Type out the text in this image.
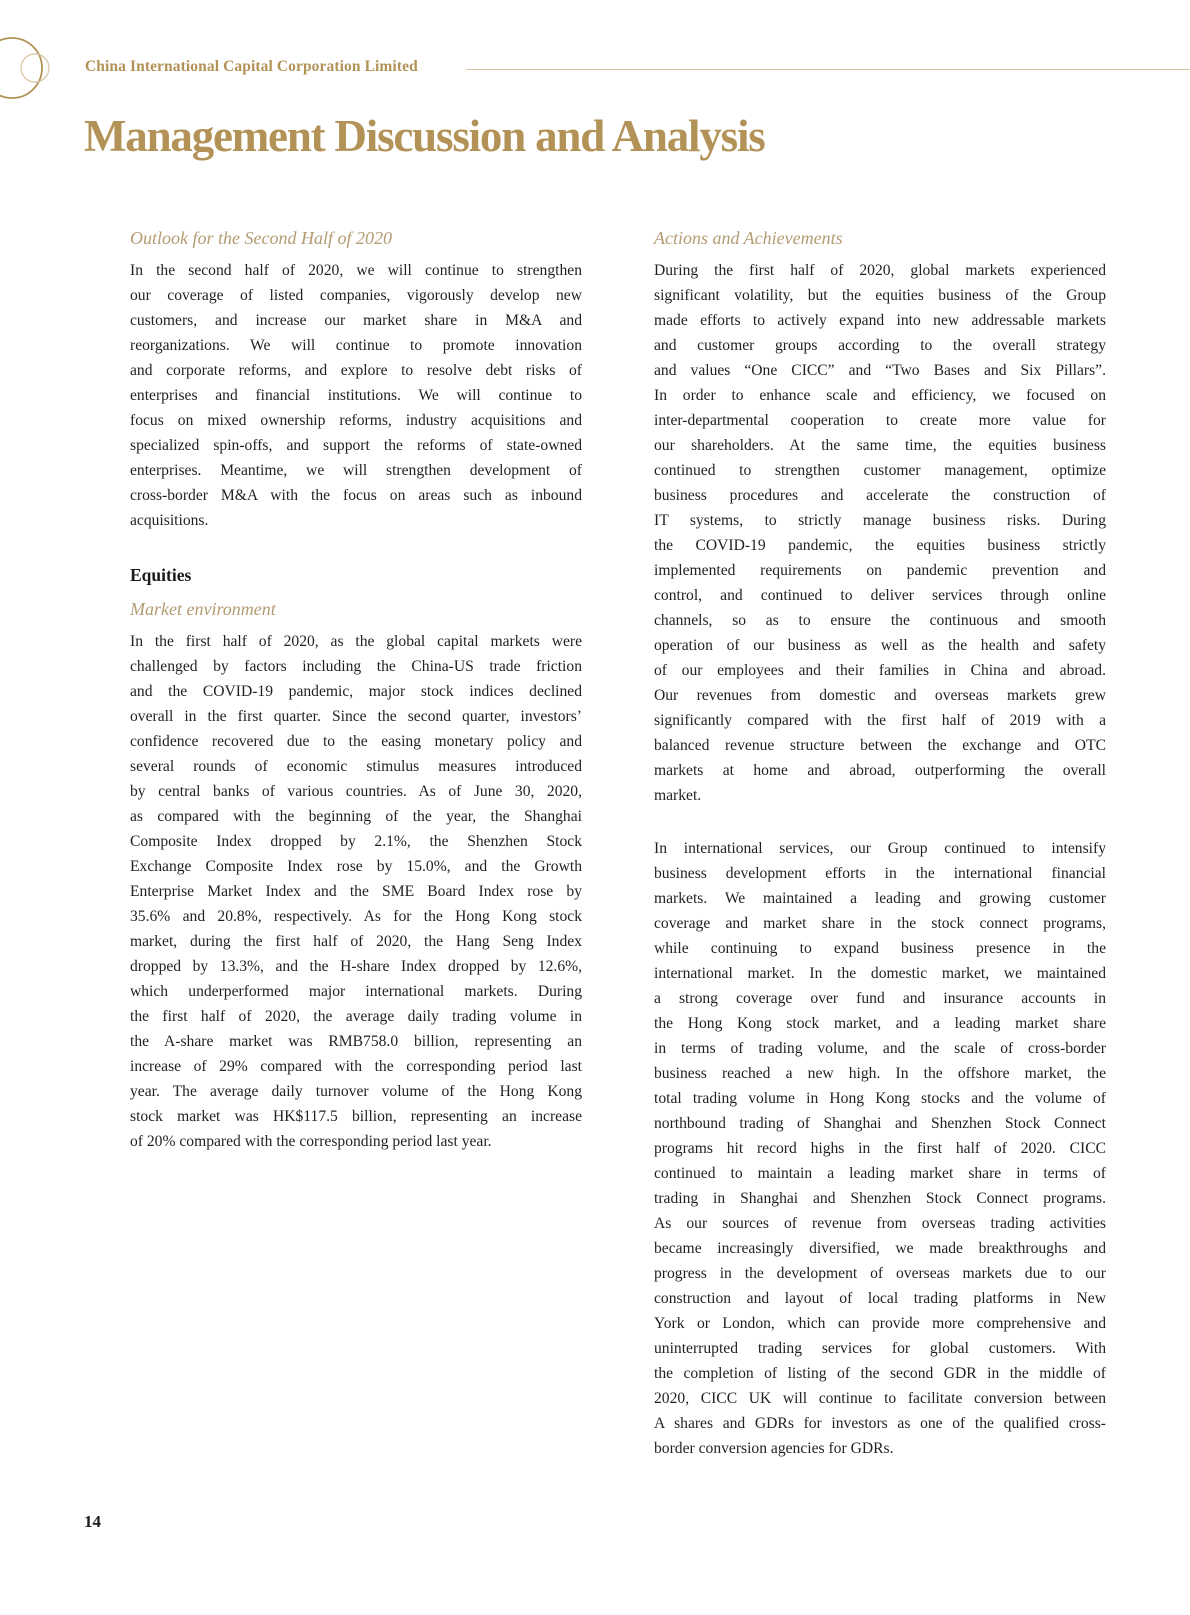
China International Capital Corporation Limited
Management Discussion and Analysis
Outlook for the Second Half of 2020
In the second half of 2020, we will continue to strengthen
our coverage of listed companies, vigorously develop new
customers, and increase our market share in M&A and
reorganizations. We will continue to promote innovation
and corporate reforms, and explore to resolve debt risks of
enterprises and financial institutions. We will continue to
focus on mixed ownership reforms, industry acquisitions and
specialized spin-offs, and support the reforms of state-owned
enterprises. Meantime, we will strengthen development of
cross-border M&A with the focus on areas such as inbound
acquisitions.
Equities
Market environment
In the first half of 2020, as the global capital markets were
challenged by factors including the China-US trade friction
and the COVID-19 pandemic, major stock indices declined
overall in the first quarter. Since the second quarter, investors’
confidence recovered due to the easing monetary policy and
several rounds of economic stimulus measures introduced
by central banks of various countries. As of June 30, 2020,
as compared with the beginning of the year, the Shanghai
Composite Index dropped by 2.1%, the Shenzhen Stock
Exchange Composite Index rose by 15.0%, and the Growth
Enterprise Market Index and the SME Board Index rose by
35.6% and 20.8%, respectively. As for the Hong Kong stock
market, during the first half of 2020, the Hang Seng Index
dropped by 13.3%, and the H-share Index dropped by 12.6%,
which underperformed major international markets. During
the first half of 2020, the average daily trading volume in
the A-share market was RMB758.0 billion, representing an
increase of 29% compared with the corresponding period last
year. The average daily turnover volume of the Hong Kong
stock market was HK$117.5 billion, representing an increase
of 20% compared with the corresponding period last year.
Actions and Achievements
During the first half of 2020, global markets experienced
significant volatility, but the equities business of the Group
made efforts to actively expand into new addressable markets
and customer groups according to the overall strategy
and values “One CICC” and “Two Bases and Six Pillars”.
In order to enhance scale and efficiency, we focused on
inter-departmental cooperation to create more value for
our shareholders. At the same time, the equities business
continued to strengthen customer management, optimize
business procedures and accelerate the construction of
IT systems, to strictly manage business risks. During
the COVID-19 pandemic, the equities business strictly
implemented requirements on pandemic prevention and
control, and continued to deliver services through online
channels, so as to ensure the continuous and smooth
operation of our business as well as the health and safety
of our employees and their families in China and abroad.
Our revenues from domestic and overseas markets grew
significantly compared with the first half of 2019 with a
balanced revenue structure between the exchange and OTC
markets at home and abroad, outperforming the overall
market.
In international services, our Group continued to intensify
business development efforts in the international financial
markets. We maintained a leading and growing customer
coverage and market share in the stock connect programs,
while continuing to expand business presence in the
international market. In the domestic market, we maintained
a strong coverage over fund and insurance accounts in
the Hong Kong stock market, and a leading market share
in terms of trading volume, and the scale of cross-border
business reached a new high. In the offshore market, the
total trading volume in Hong Kong stocks and the volume of
northbound trading of Shanghai and Shenzhen Stock Connect
programs hit record highs in the first half of 2020. CICC
continued to maintain a leading market share in terms of
trading in Shanghai and Shenzhen Stock Connect programs.
As our sources of revenue from overseas trading activities
became increasingly diversified, we made breakthroughs and
progress in the development of overseas markets due to our
construction and layout of local trading platforms in New
York or London, which can provide more comprehensive and
uninterrupted trading services for global customers. With
the completion of listing of the second GDR in the middle of
2020, CICC UK will continue to facilitate conversion between
A shares and GDRs for investors as one of the qualified cross-
border conversion agencies for GDRs.
14
